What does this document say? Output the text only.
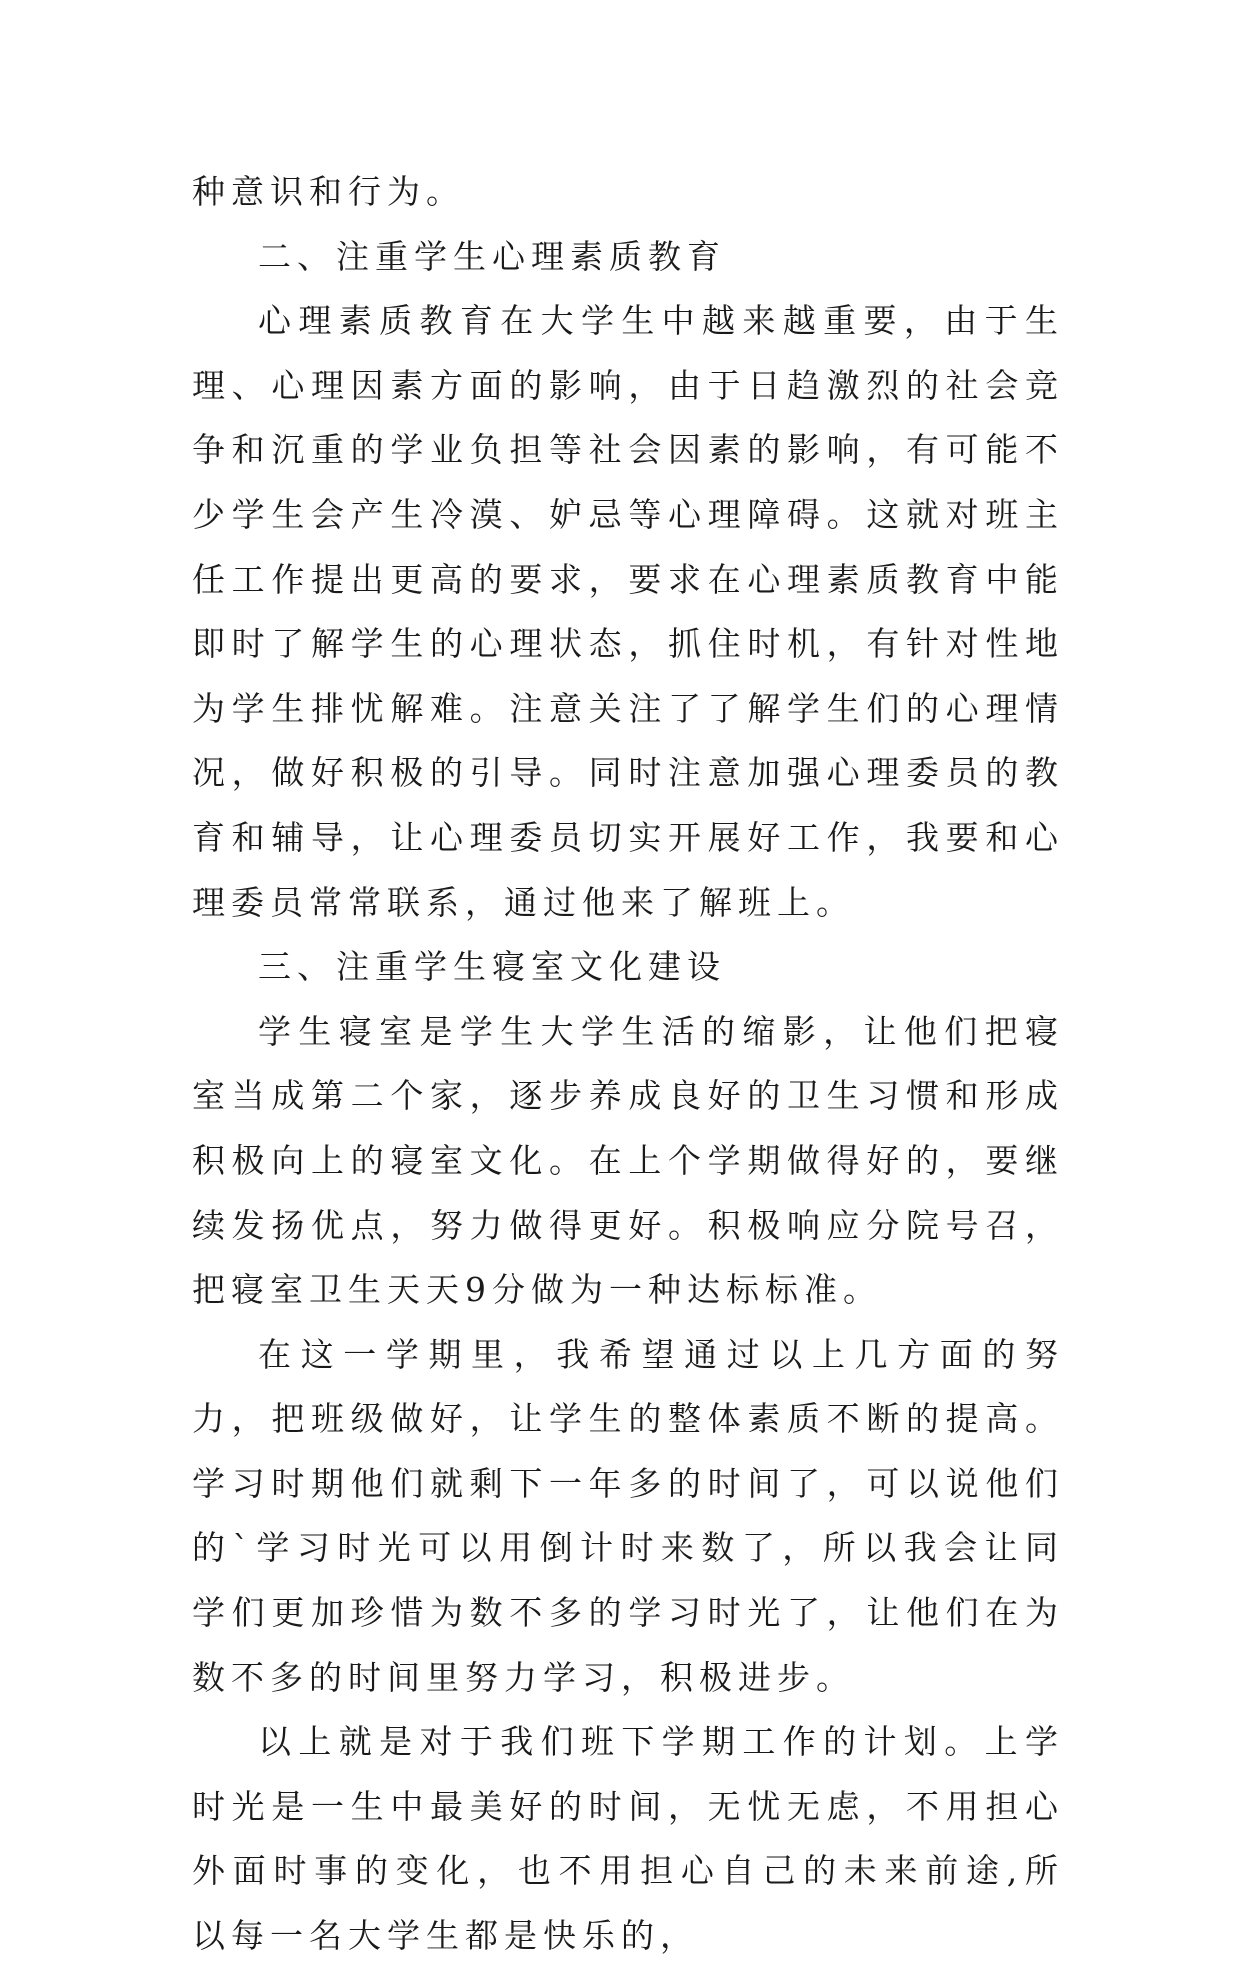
种意识和行为。

二、注重学生心理素质教育

心理素质教育在大学生中越来越重要，由于生理、心理因素方面的影响，由于日趋激烈的社会竞争和沉重的学业负担等社会因素的影响，有可能不少学生会产生冷漠、妒忌等心理障碍。这就对班主任工作提出更高的要求，要求在心理素质教育中能即时了解学生的心理状态，抓住时机，有针对性地为学生排忧解难。注意关注了了解学生们的心理情况，做好积极的引导。同时注意加强心理委员的教育和辅导，让心理委员切实开展好工作，我要和心理委员常常联系，通过他来了解班上。

三、注重学生寝室文化建设

学生寝室是学生大学生活的缩影，让他们把寝室当成第二个家，逐步养成良好的卫生习惯和形成积极向上的寝室文化。在上个学期做得好的，要继续发扬优点，努力做得更好。积极响应分院号召，把寝室卫生天天9分做为一种达标标准。

在这一学期里，我希望通过以上几方面的努力，把班级做好，让学生的整体素质不断的提高。学习时期他们就剩下一年多的时间了，可以说他们的`学习时光可以用倒计时来数了，所以我会让同学们更加珍惜为数不多的学习时光了，让他们在为数不多的时间里努力学习，积极进步。

以上就是对于我们班下学期工作的计划。上学时光是一生中最美好的时间，无忧无虑，不用担心外面时事的变化，也不用担心自己的未来前途,所以每一名大学生都是快乐的，
